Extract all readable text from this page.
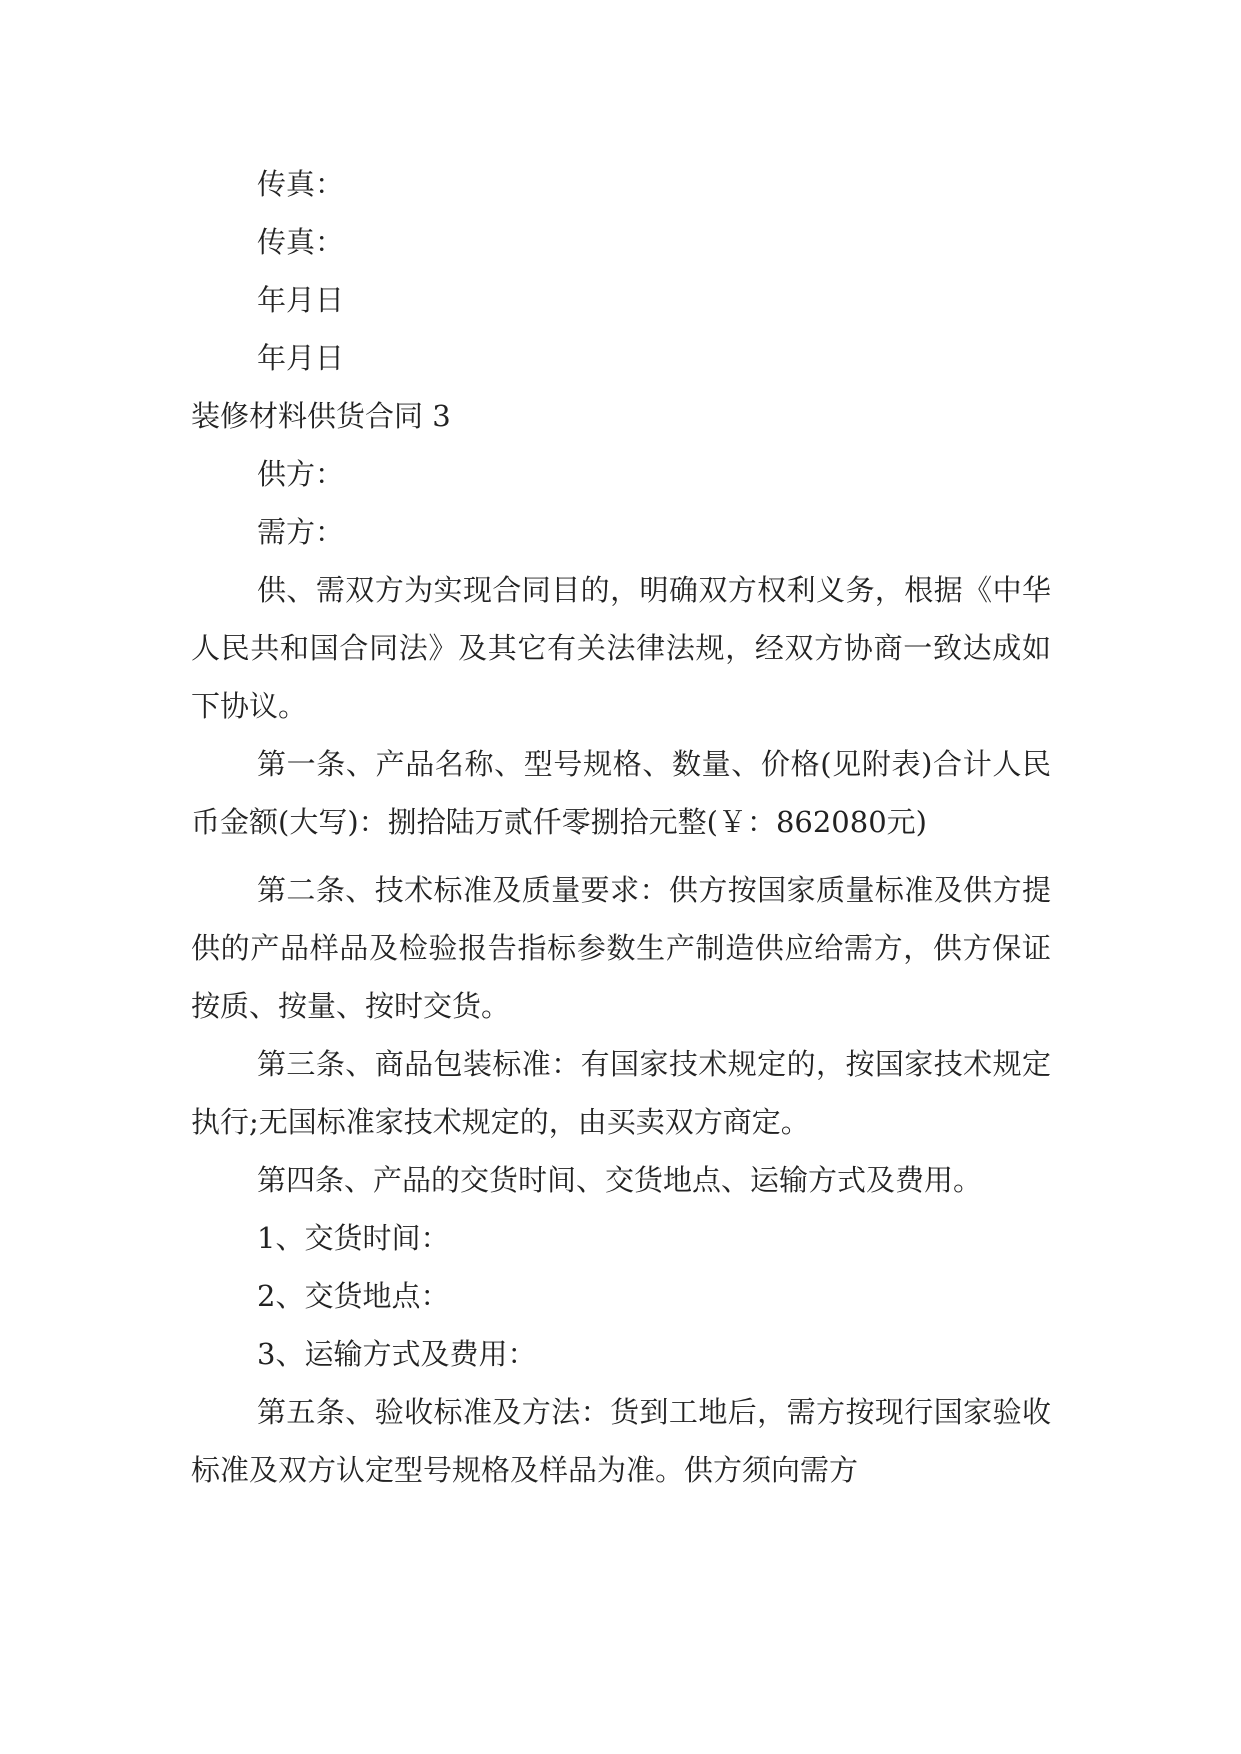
传真：

传真：

年月日

年月日

装修材料供货合同 3

供方：

需方：

供、需双方为实现合同目的，明确双方权利义务，根据《中华人民共和国合同法》及其它有关法律法规，经双方协商一致达成如下协议。

第一条、产品名称、型号规格、数量、价格(见附表)合计人民币金额(大写)：捌拾陆万贰仟零捌拾元整(￥：862080元)

第二条、技术标准及质量要求：供方按国家质量标准及供方提供的产品样品及检验报告指标参数生产制造供应给需方，供方保证按质、按量、按时交货。

第三条、商品包装标准：有国家技术规定的，按国家技术规定执行;无国标准家技术规定的，由买卖双方商定。

第四条、产品的交货时间、交货地点、运输方式及费用。

1、交货时间：

2、交货地点：

3、运输方式及费用：

第五条、验收标准及方法：货到工地后，需方按现行国家验收标准及双方认定型号规格及样品为准。供方须向需方
